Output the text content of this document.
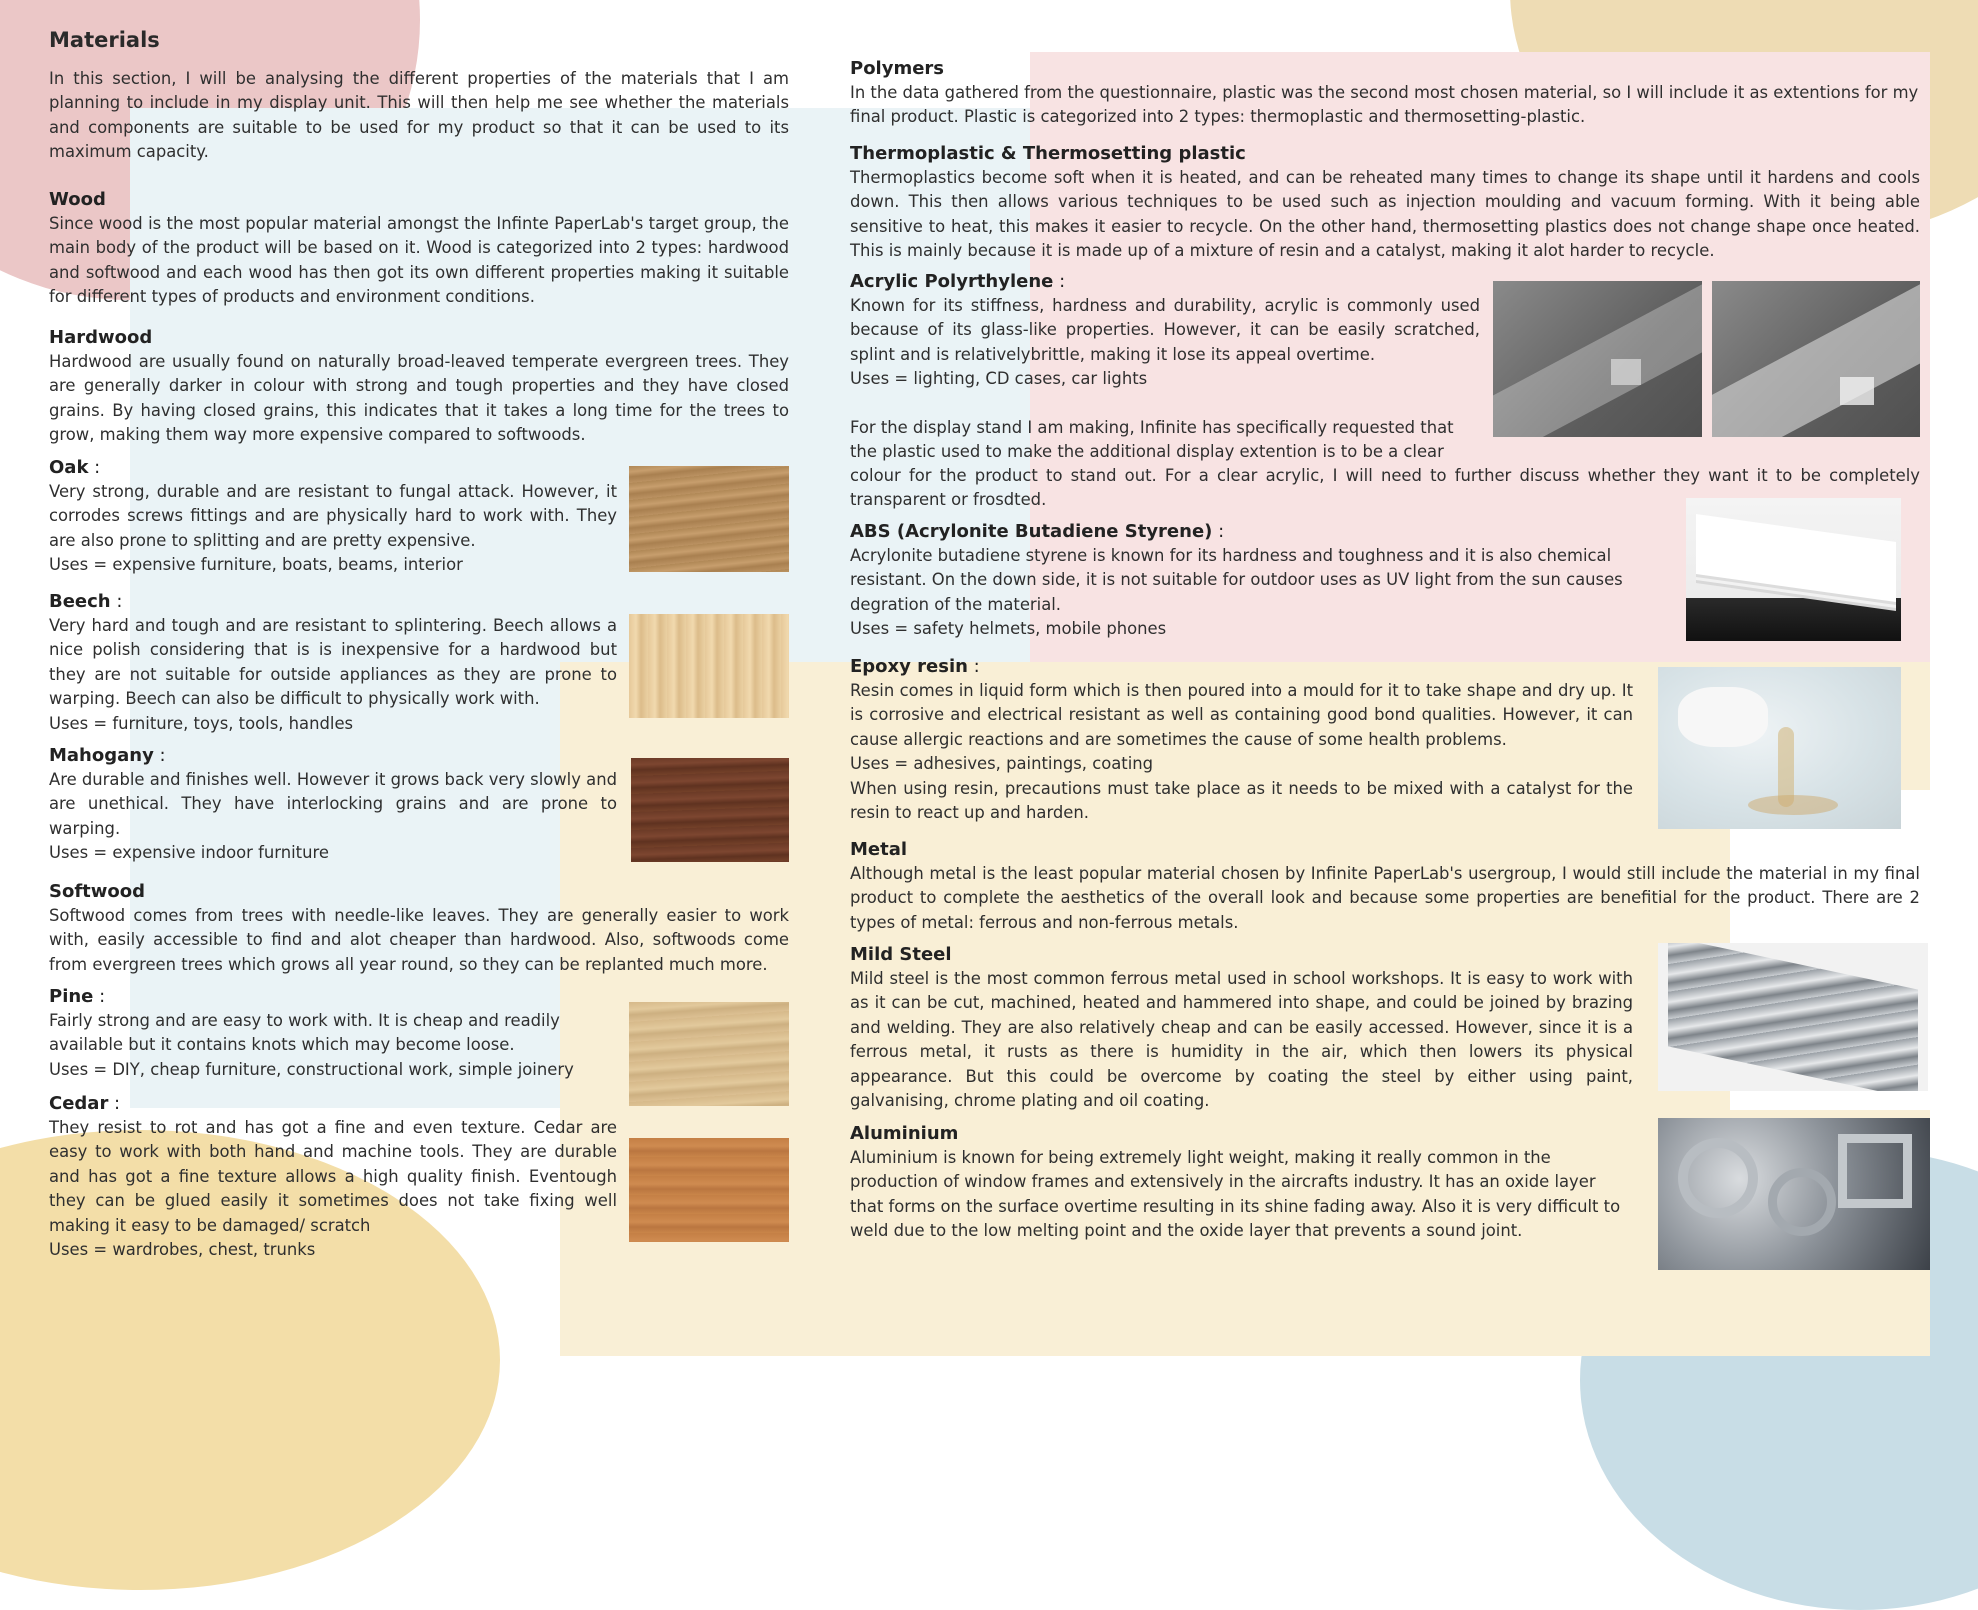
Materials

In this section, I will be analysing the different properties of the materials that I am planning to include in my display unit. This will then help me see whether the materials and components are suitable to be used for my product so that it can be used to its maximum capacity.

Wood

Since wood is the most popular material amongst the Infinte PaperLab's target group, the main body of the product will be based on it. Wood is categorized into 2 types: hardwood and softwood and each wood has then got its own different properties making it suitable for different types of products and environment conditions.

Hardwood

Hardwood are usually found on naturally broad-leaved temperate evergreen trees. They are generally darker in colour with strong and tough properties and they have closed grains. By having closed grains, this indicates that it takes a long time for the trees to grow, making them way more expensive compared to softwoods.

Oak :

Very strong, durable and are resistant to fungal attack. However, it corrodes screws fittings and are physically hard to work with. They are also prone to splitting and are pretty expensive.

Uses = expensive furniture, boats, beams, interior

Beech :

Very hard and tough and are resistant to splintering. Beech allows a nice polish considering that is is inexpensive for a hardwood but they are not suitable for outside appliances as they are prone to warping. Beech can also be difficult to physically work with.

Uses = furniture, toys, tools, handles

Mahogany :

Are durable and finishes well. However it grows back very slowly and are unethical. They have interlocking grains and are prone to warping.

Uses = expensive indoor furniture

Softwood

Softwood comes from trees with needle-like leaves. They are generally easier to work with, easily accessible to find and alot cheaper than hardwood. Also, softwoods come from evergreen trees which grows all year round, so they can be replanted much more.

Pine :

Fairly strong and are easy to work with. It is cheap and readily available but it contains knots which may become loose.

Uses = DIY, cheap furniture, constructional work, simple joinery

Cedar :

They resist to rot and has got a fine and even texture. Cedar are easy to work with both hand and machine tools. They are durable and has got a fine texture allows a high quality finish. Eventough they can be glued easily it sometimes does not take fixing well making it easy to be damaged/ scratch

Uses = wardrobes, chest, trunks

Polymers

In the data gathered from the questionnaire, plastic was the second most chosen material, so I will include it as extentions for my final product. Plastic is categorized into 2 types: thermoplastic and thermosetting-plastic.

Thermoplastic & Thermosetting plastic

Thermoplastics become soft when it is heated, and can be reheated many times to change its shape until it hardens and cools down. This then allows various techniques to be used such as injection moulding and vacuum forming. With it being able sensitive to heat, this makes it easier to recycle. On the other hand, thermosetting plastics does not change shape once heated. This is mainly because it is made up of a mixture of resin and a catalyst, making it alot harder to recycle.

Acrylic Polyrthylene :

Known for its stiffness, hardness and durability, acrylic is commonly used because of its glass-like properties. However, it can be easily scratched, splint and is relativelybrittle, making it lose its appeal overtime.

Uses = lighting, CD cases, car lights

For the display stand I am making, Infinite has specifically requested that the plastic used to make the additional display extention is to be a clear

colour for the product to stand out. For a clear acrylic, I will need to further discuss whether they want it to be completely transparent or frosdted.

ABS (Acrylonite Butadiene Styrene) :

Acrylonite butadiene styrene is known for its hardness and toughness and it is also chemical resistant. On the down side, it is not suitable for outdoor uses as UV light from the sun causes degration of the material.

Uses = safety helmets, mobile phones

Epoxy resin :

Resin comes in liquid form which is then poured into a mould for it to take shape and dry up. It is corrosive and electrical resistant as well as containing good bond qualities. However, it can cause allergic reactions and are sometimes the cause of some health problems.

Uses = adhesives, paintings, coating

When using resin, precautions must take place as it needs to be mixed with a catalyst for the resin to react up and harden.

Metal

Although metal is the least popular material chosen by Infinite PaperLab's usergroup, I would still include the material in my final product to complete the aesthetics of the overall look and because some properties are benefitial for the product. There are 2 types of metal: ferrous and non-ferrous metals.

Mild Steel

Mild steel is the most common ferrous metal used in school workshops. It is easy to work with as it can be cut, machined, heated and hammered into shape, and could be joined by brazing and welding. They are also relatively cheap and can be easily accessed. However, since it is a ferrous metal, it rusts as there is humidity in the air, which then lowers its physical appearance. But this could be overcome by coating the steel by either using paint, galvanising, chrome plating and oil coating.

Aluminium

Aluminium is known for being extremely light weight, making it really common in the production of window frames and extensively in the aircrafts industry. It has an oxide layer that forms on the surface overtime resulting in its shine fading away. Also it is very difficult to weld due to the low melting point and the oxide layer that prevents a sound joint.
